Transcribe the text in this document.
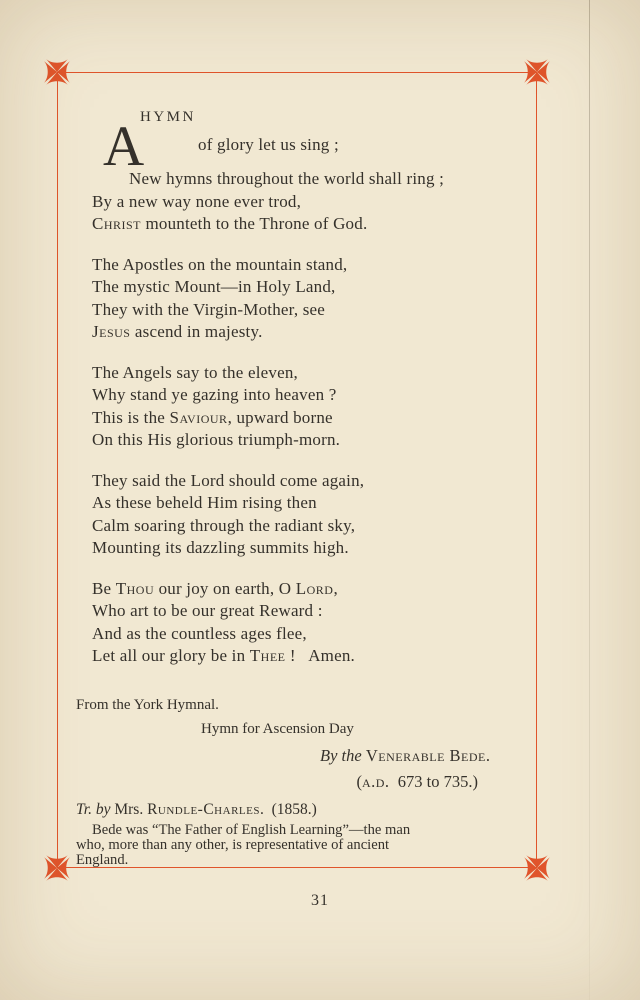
A
HYMN
of glory let us sing ;
New hymns throughout the world shall ring ;
By a new way none ever trod,
Christ mounteth to the Throne of God.
The Apostles on the mountain stand,
The mystic Mount—in Holy Land,
They with the Virgin-Mother, see
Jesus ascend in majesty.
The Angels say to the eleven,
Why stand ye gazing into heaven ?
This is the Saviour, upward borne
On this His glorious triumph-morn.
They said the Lord should come again,
As these beheld Him rising then
Calm soaring through the radiant sky,
Mounting its dazzling summits high.
Be Thou our joy on earth, O Lord,
Who art to be our great Reward :
And as the countless ages flee,
Let all our glory be in Thee !   Amen.
From the York Hymnal.
Hymn for Ascension Day
By the Venerable Bede.
(a.d.  673 to 735.)
Tr. by Mrs. Rundle-Charles.  (1858.)
Bede was “The Father of English Learning”—the man
who, more than any other, is representative of ancient
England.
31
